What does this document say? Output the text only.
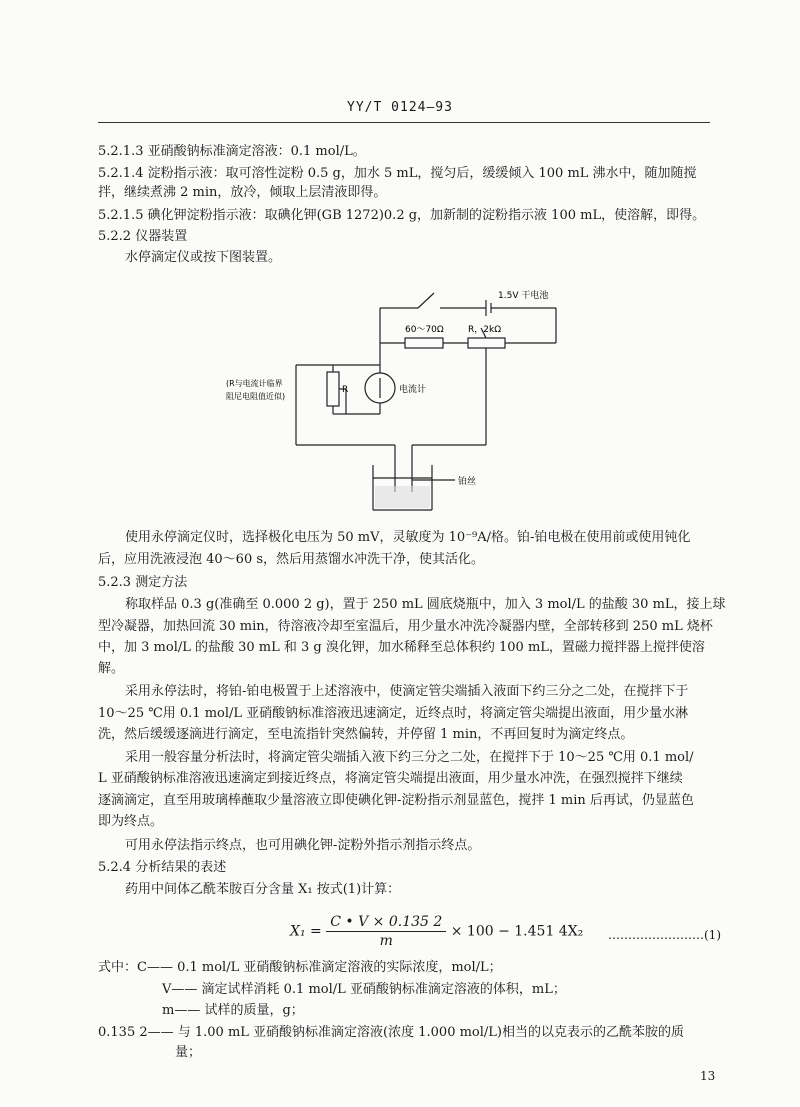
YY/T 0124—93
5.2.1.3 亚硝酸钠标准滴定溶液：0.1 mol/L。
5.2.1.4 淀粉指示液：取可溶性淀粉 0.5 g，加水 5 mL，搅匀后，缓缓倾入 100 mL 沸水中，随加随搅
拌，继续煮沸 2 min，放冷，倾取上层清液即得。
5.2.1.5 碘化钾淀粉指示液：取碘化钾(GB 1272)0.2 g，加新制的淀粉指示液 100 mL，使溶解，即得。
5.2.2 仪器装置
水停滴定仪或按下图装置。
1.5V 干电池
60～70Ω	R，2kΩ
R	电流计
(R与电流计临界
阻尼电阻值近似)
铂丝
使用永停滴定仪时，选择极化电压为 50 mV，灵敏度为 10⁻⁹A/格。铂-铂电极在使用前或使用钝化
后，应用洗液浸泡 40～60 s，然后用蒸馏水冲洗干净，使其活化。
5.2.3 测定方法
称取样品 0.3 g(准确至 0.000 2 g)，置于 250 mL 圆底烧瓶中，加入 3 mol/L 的盐酸 30 mL，接上球
型冷凝器，加热回流 30 min，待溶液冷却至室温后，用少量水冲洗冷凝器内壁，全部转移到 250 mL 烧杯
中，加 3 mol/L 的盐酸 30 mL 和 3 g 溴化钾，加水稀释至总体积约 100 mL，置磁力搅拌器上搅拌使溶
解。
采用永停法时，将铂-铂电极置于上述溶液中，使滴定管尖端插入液面下约三分之二处，在搅拌下于
10～25 ℃用 0.1 mol/L 亚硝酸钠标准溶液迅速滴定，近终点时，将滴定管尖端提出液面，用少量水淋
洗，然后缓缓逐滴进行滴定，至电流指针突然偏转，并停留 1 min，不再回复时为滴定终点。
采用一般容量分析法时，将滴定管尖端插入液下约三分之二处，在搅拌下于 10～25 ℃用 0.1 mol/
L 亚硝酸钠标准溶液迅速滴定到接近终点，将滴定管尖端提出液面，用少量水冲洗，在强烈搅拌下继续
逐滴滴定，直至用玻璃棒蘸取少量溶液立即使碘化钾-淀粉指示剂显蓝色，搅拌 1 min 后再试，仍显蓝色
即为终点。
可用永停法指示终点，也可用碘化钾-淀粉外指示剂指示终点。
5.2.4 分析结果的表述
药用中间体乙酰苯胺百分含量 X₁ 按式(1)计算：
$X_1 = \frac{C • V \times 0.135 2}{m} \times 100 - 1.451$ 4X₂ ……………………(1)
式中：C—— 0.1 mol/L 亚硝酸钠标准滴定溶液的实际浓度，mol/L；
V—— 滴定试样消耗 0.1 mol/L 亚硝酸钠标准滴定溶液的体积，mL；
m—— 试样的质量，g；
0.135 2—— 与 1.00 mL 亚硝酸钠标准滴定溶液(浓度 1.000 mol/L)相当的以克表示的乙酰苯胺的质
量；
13
